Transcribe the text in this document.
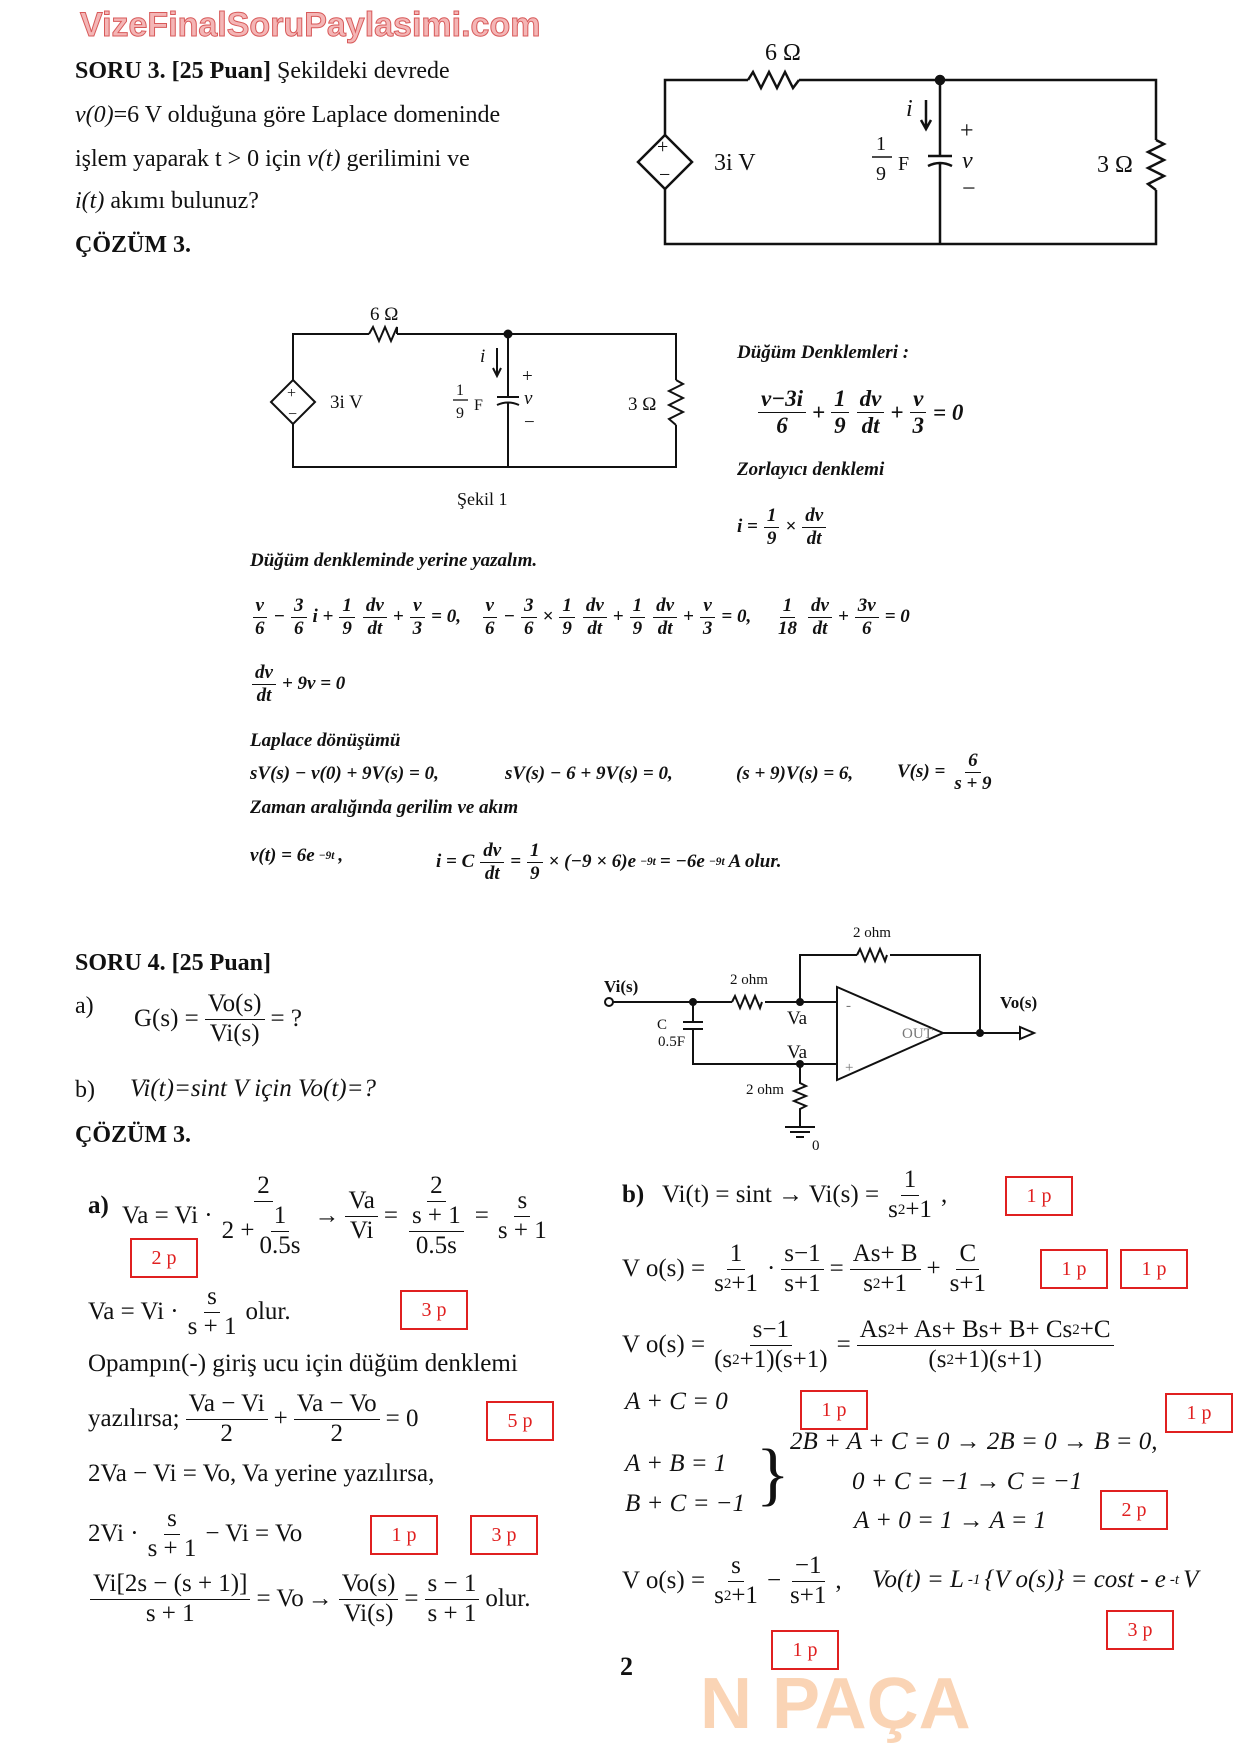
VizeFinalSoruPaylasimi.com
N PAÇA
SORU 3. [25 Puan] Şekildeki devrede
v(0)=6 V olduğuna göre Laplace domeninde
işlem yaparak t > 0 için v(t) gerilimini ve
i(t) akımı bulunuz?
ÇÖZÜM 3.
6 Ω
+
− 3i V
1
9 F
i
+
v
−
3 Ω
6 Ω
+
−
3i V
1
9 F
i
+
v
−
3 Ω
Şekil 1
Vi(s)
Vo(s)
2 ohm
2 ohm
2 ohm
C
0.5F
Va
Va
-
+
OUT
0
Düğüm Denklemleri :
$\frac{v-3i}{6} + \frac{1}{9} \frac{dv}{dt} + \frac{v}{3} = 0$
Zorlayıcı denklemi
$i = \frac{1}{9} \times \frac{dv}{dt}$
Düğüm denkleminde yerine yazalım.
$\frac{v}{6} - \frac{3}{6}$ $i + \frac{1}{9} \frac{dv}{dt} + \frac{v}{3} = 0$, $\frac{v}{6} - \frac{3}{6} \times \frac{1}{9} \frac{dv}{dt} + \frac{1}{9} \frac{dv}{dt} + \frac{v}{3} = 0$, $\frac{1}{18} \frac{dv}{dt} + \frac{3v}{6} = 0$
$\frac{dv}{dt} + 9v = 0$
Laplace dönüşümü
sV(s) − v(0) + 9V(s) = 0,	sV(s) − 6 + 9V(s) = 0,	(s + 9)V(s) = 6, $V(s) = \frac{6}{s + 9}$
Zaman aralığında gerilim ve akım
v(t) = 6e −9t ,	i = C $\frac{dv}{dt} = \frac{1}{9} \times (-9 \times 6)e -9t = -6e -9t$ A olur.
SORU 4. [25 Puan]
a) $G(s) = \frac{Vo(s)}{Vi(s)}$ = ?
b) Vi(t)=sint V için Vo(t)=?
ÇÖZÜM 3.
a) $Va = Vi \cdot \frac{2}{2 + \frac{1}{0.5s}} \to \frac{Va}{Vi} = \frac{2}{\frac{s + 1}{0.5s}} = \frac{s}{s + 1}$
$Va = Vi \cdot \frac{s}{s + 1}$ olur.
Opampın(-) giriş ucu için düğüm denklemi
yazılırsa; $\frac{Va - Vi}{2} + \frac{Va - Vo}{2} = 0$
2Va − Vi = Vo, Va yerine yazılırsa,
$2Vi \cdot \frac{s}{s + 1} - Vi = Vo$
$\frac{Vi[2s - (s + 1)]}{s + 1} = Vo \to \frac{Vo(s)}{Vi(s)} = \frac{s - 1}{s + 1}$ olur.
b) $Vi(t) = \sin t \to Vi(s) = \frac{1}{s 2 +1}$ ,
V $o(s) = \frac{1}{s 2 +1} \cdot \frac{s-1}{s+1} = \frac{As+ B}{s 2 +1} + \frac{C}{s+1}$
V $o(s) = \frac{s-1}{(s 2 +1)(s+1)} = \frac{As 2 + As+ Bs+ B+ Cs 2 +C}{(s 2 +1)(s+1)}$
A + C = 0
A + B = 1
B + C = −1 } 2B + A + C = 0 → 2B = 0 → B = 0,
0 + C = −1 → C = −1
A + 0 = 1 → A = 1
V $o(s) = \frac{s}{s 2 +1} - \frac{-1}{s+1}$ , Vo(t) = L -1 {V o(s)} = cost - e -t V
2 p
3 p
5 p
1 p	3 p
1 p
1 p
1 p
1 p	1 p
2 p
3 p
1 p
2
